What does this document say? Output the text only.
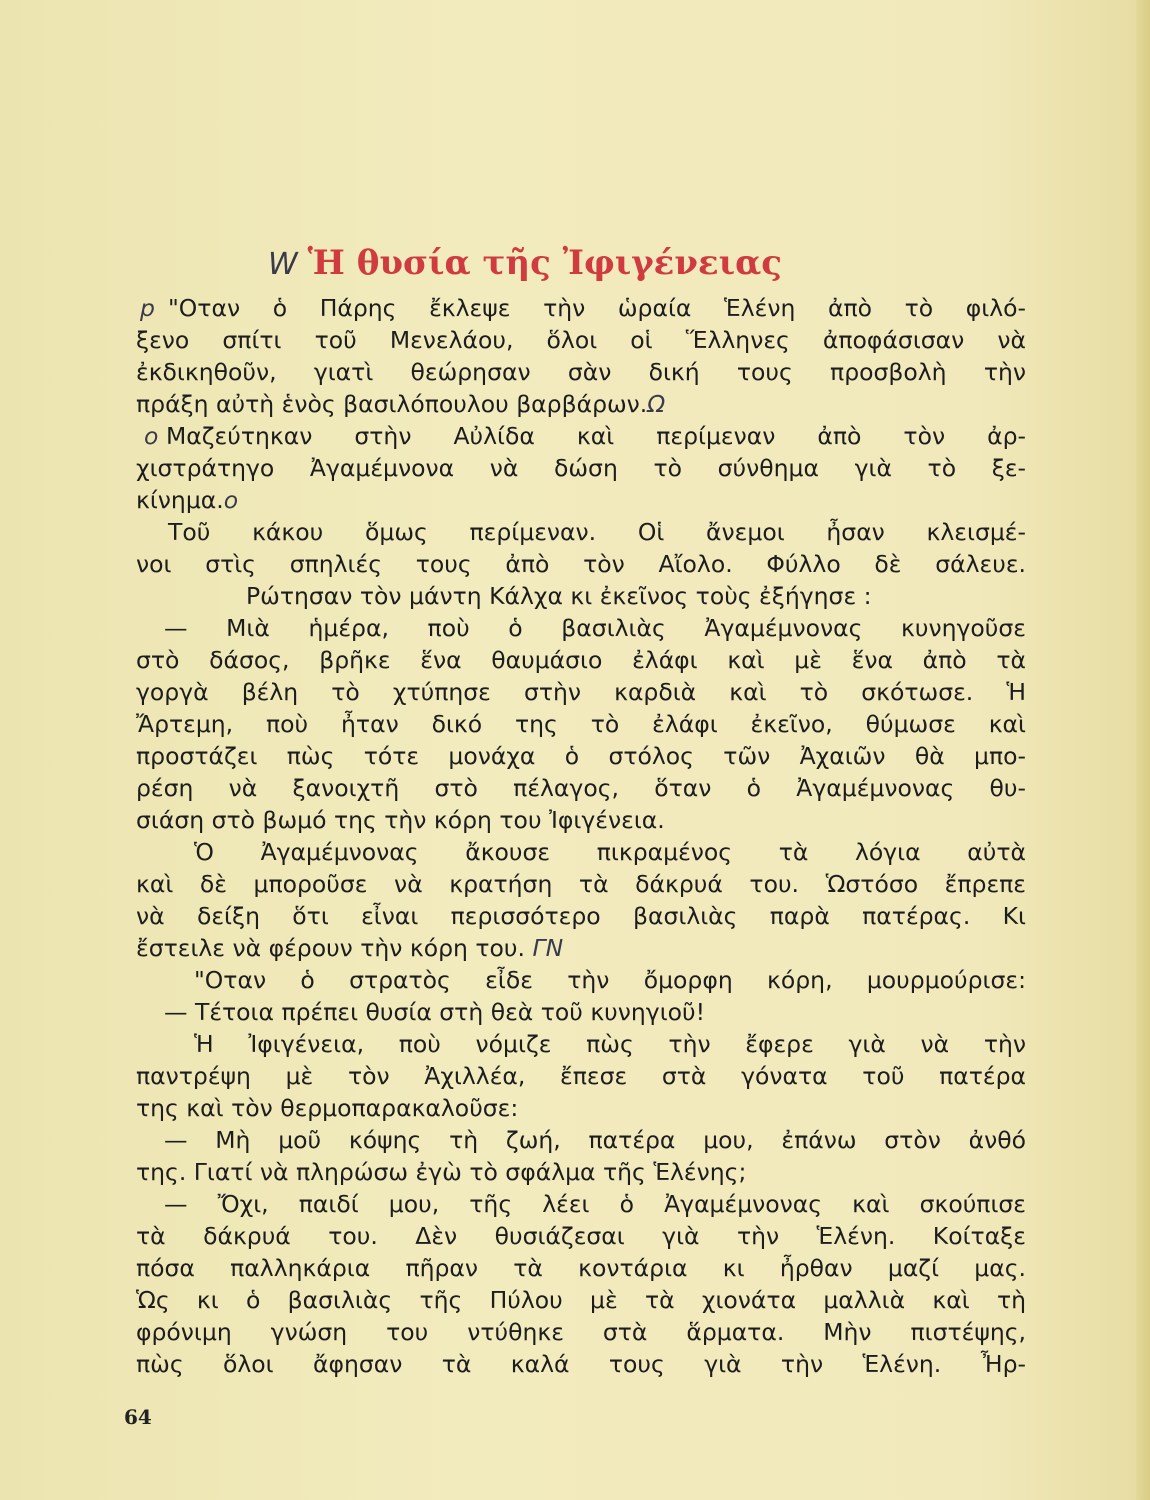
W Ἡ θυσία τῆς Ἰφιγένειας
p "Οταν ὁ Πάρης ἔκλεψε τὴν ὡραία Ἑλένη ἀπὸ τὸ φιλό-
ξενο σπίτι τοῦ Μενελάου, ὅλοι οἱ Ἕλληνες ἀποφάσισαν νὰ
ἐκδικηθοῦν, γιατὶ θεώρησαν σὰν δική τους προσβολὴ τὴν
πράξη αὐτὴ ἑνὸς βασιλόπουλου βαρβάρων.Ω
ο Μαζεύτηκαν στὴν Αὐλίδα καὶ περίμεναν ἀπὸ τὸν ἀρ-
χιστράτηγο Ἀγαμέμνονα νὰ δώση τὸ σύνθημα γιὰ τὸ ξε-
κίνημα.ο
Τοῦ κάκου ὅμως περίμεναν. Οἱ ἄνεμοι ἦσαν κλεισμέ-
νοι στὶς σπηλιές τους ἀπὸ τὸν Αἴολο. Φύλλο δὲ σάλευε.
Ρώτησαν τὸν μάντη Κάλχα κι ἐκεῖνος τοὺς ἐξήγησε :
— Μιὰ ἡμέρα, ποὺ ὁ βασιλιὰς Ἀγαμέμνονας κυνηγοῦσε
στὸ δάσος, βρῆκε ἕνα θαυμάσιο ἐλάφι καὶ μὲ ἕνα ἀπὸ τὰ
γοργὰ βέλη τὸ χτύπησε στὴν καρδιὰ καὶ τὸ σκότωσε. Ἡ
Ἄρτεμη, ποὺ ἦταν δικό της τὸ ἐλάφι ἐκεῖνο, θύμωσε καὶ
προστάζει πὼς τότε μονάχα ὁ στόλος τῶν Ἀχαιῶν θὰ μπο-
ρέση νὰ ξανοιχτῆ στὸ πέλαγος, ὅταν ὁ Ἀγαμέμνονας θυ-
σιάση στὸ βωμό της τὴν κόρη του Ἰφιγένεια.
Ὁ Ἀγαμέμνονας ἄκουσε πικραμένος τὰ λόγια αὐτὰ
καὶ δὲ μποροῦσε νὰ κρατήση τὰ δάκρυά του. Ὡστόσο ἔπρεπε
νὰ δείξη ὅτι εἶναι περισσότερο βασιλιὰς παρὰ πατέρας. Κι
ἔστειλε νὰ φέρουν τὴν κόρη του. ΓΝ
"Οταν ὁ στρατὸς εἶδε τὴν ὄμορφη κόρη, μουρμούρισε:
— Τέτοια πρέπει θυσία στὴ θεὰ τοῦ κυνηγιοῦ!
Ἡ Ἰφιγένεια, ποὺ νόμιζε πὼς τὴν ἔφερε γιὰ νὰ τὴν
παντρέψη μὲ τὸν Ἀχιλλέα, ἔπεσε στὰ γόνατα τοῦ πατέρα
της καὶ τὸν θερμοπαρακαλοῦσε:
— Μὴ μοῦ κόψης τὴ ζωή, πατέρα μου, ἐπάνω στὸν ἀνθό
της. Γιατί νὰ πληρώσω ἐγὼ τὸ σφάλμα τῆς Ἑλένης;
— Ὄχι, παιδί μου, τῆς λέει ὁ Ἀγαμέμνονας καὶ σκούπισε
τὰ δάκρυά του. Δὲν θυσιάζεσαι γιὰ τὴν Ἑλένη. Κοίταξε
πόσα παλληκάρια πῆραν τὰ κοντάρια κι ἦρθαν μαζί μας.
Ὡς κι ὁ βασιλιὰς τῆς Πύλου μὲ τὰ χιονάτα μαλλιὰ καὶ τὴ
φρόνιμη γνώση του ντύθηκε στὰ ἅρματα. Μὴν πιστέψης,
πὼς ὅλοι ἄφησαν τὰ καλά τους γιὰ τὴν Ἑλένη. Ἦρ-
64
